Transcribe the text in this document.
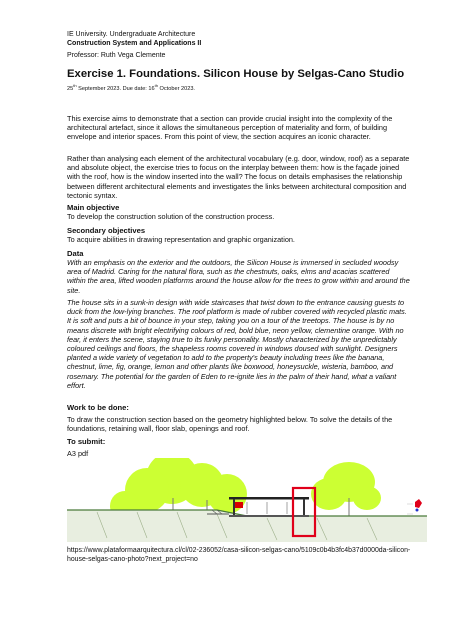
IE University. Undergraduate Architecture
Construction System and Applications II
Professor: Ruth Vega Clemente
Exercise 1. Foundations. Silicon House by Selgas-Cano Studio
25th September 2023. Due date: 16th October 2023.

This exercise aims to demonstrate that a section can provide crucial insight into the complexity of the architectural artefact, since it allows the simultaneous perception of materiality and form, of building envelope and interior spaces. From this point of view, the section acquires an iconic character.

Rather than analysing each element of the architectural vocabulary (e.g. door, window, roof) as a separate and absolute object, the exercise tries to focus on the interplay between them: how is the façade joined with the roof, how is the window inserted into the wall? The focus on details emphasises the relationship between different architectural elements and investigates the links between architectural composition and tectonic syntax.

Main objective
To develop the construction solution of the construction process.
Secondary objectives
To acquire abilities in drawing representation and graphic organization.
Data

With an emphasis on the exterior and the outdoors, the Silicon House is immersed in secluded woodsy area of Madrid. Caring for the natural flora, such as the chestnuts, oaks, elms and acacias scattered within the area, lifted wooden platforms around the house allow for the trees to grow within and around the site.

The house sits in a sunk-in design with wide staircases that twist down to the entrance causing guests to duck from the low-lying branches. The roof platform is made of rubber covered with recycled plastic mats. It is soft and puts a bit of bounce in your step, taking you on a tour of the treetops. The house is by no means discrete with bright electrifying colours of red, bold blue, neon yellow, clementine orange. With no fear, it enters the scene, staying true to its funky personality. Mostly characterized by the unpredictably coloured ceilings and floors, the shapeless rooms covered in windows doused with sunlight. Designers planted a wide variety of vegetation to add to the property's beauty including trees like the banana, chestnut, lime, fig, orange, lemon and other plants like boxwood, honeysuckle, wisteria, bamboo, and rosemary. The potential for the garden of Eden to re-ignite lies in the palm of their hand, what a valiant effort.

Work to be done:

To draw the construction section based on the geometry highlighted below. To solve the details of the foundations, retaining wall, floor slab, openings and roof.

To submit:
A3 pdf
https://www.plataformaarquitectura.cl/cl/02-236052/casa-silicon-selgas-cano/5109c0b4b3fc4b37d0000da-silicon-house-selgas-cano-photo?next_project=no
